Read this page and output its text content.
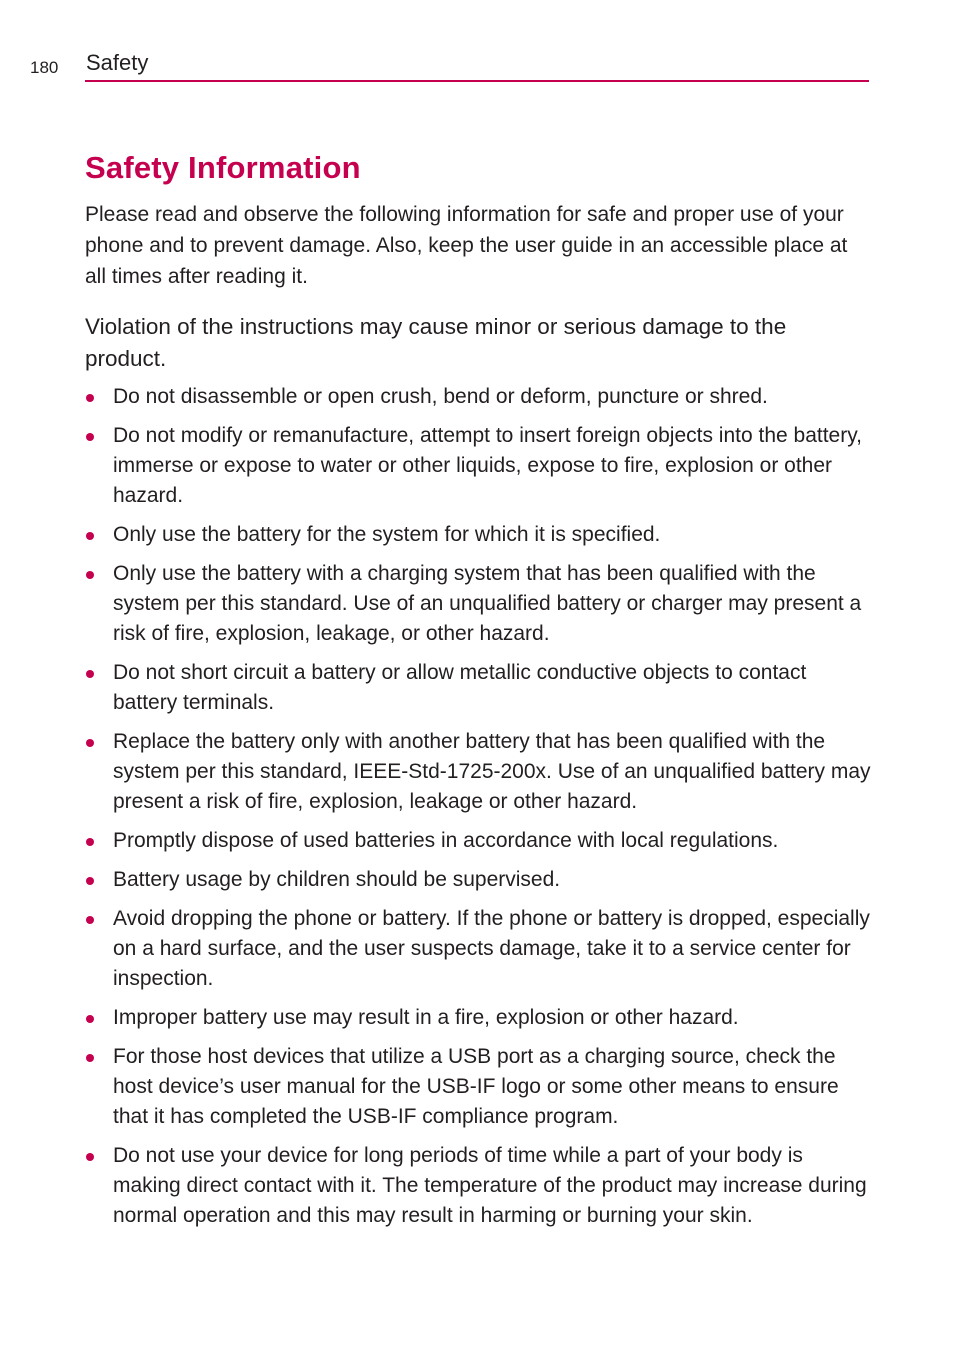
180 Safety
Safety Information

Please read and observe the following information for safe and proper use of your phone and to prevent damage. Also, keep the user guide in an accessible place at all times after reading it.

Violation of the instructions may cause minor or serious damage to the product.

Do not disassemble or open crush, bend or deform, puncture or shred.
Do not modify or remanufacture, attempt to insert foreign objects into the battery, immerse or expose to water or other liquids, expose to fire, explosion or other hazard.
Only use the battery for the system for which it is specified.
Only use the battery with a charging system that has been qualified with the system per this standard. Use of an unqualified battery or charger may present a risk of fire, explosion, leakage, or other hazard.
Do not short circuit a battery or allow metallic conductive objects to contact battery terminals.
Replace the battery only with another battery that has been qualified with the system per this standard, IEEE-Std-1725-200x. Use of an unqualified battery may present a risk of fire, explosion, leakage or other hazard.
Promptly dispose of used batteries in accordance with local regulations.
Battery usage by children should be supervised.
Avoid dropping the phone or battery. If the phone or battery is dropped, especially on a hard surface, and the user suspects damage, take it to a service center for inspection.
Improper battery use may result in a fire, explosion or other hazard.
For those host devices that utilize a USB port as a charging source, check the host device’s user manual for the USB-IF logo or some other means to ensure that it has completed the USB-IF compliance program.
Do not use your device for long periods of time while a part of your body is making direct contact with it. The temperature of the product may increase during normal operation and this may result in harming or burning your skin.
